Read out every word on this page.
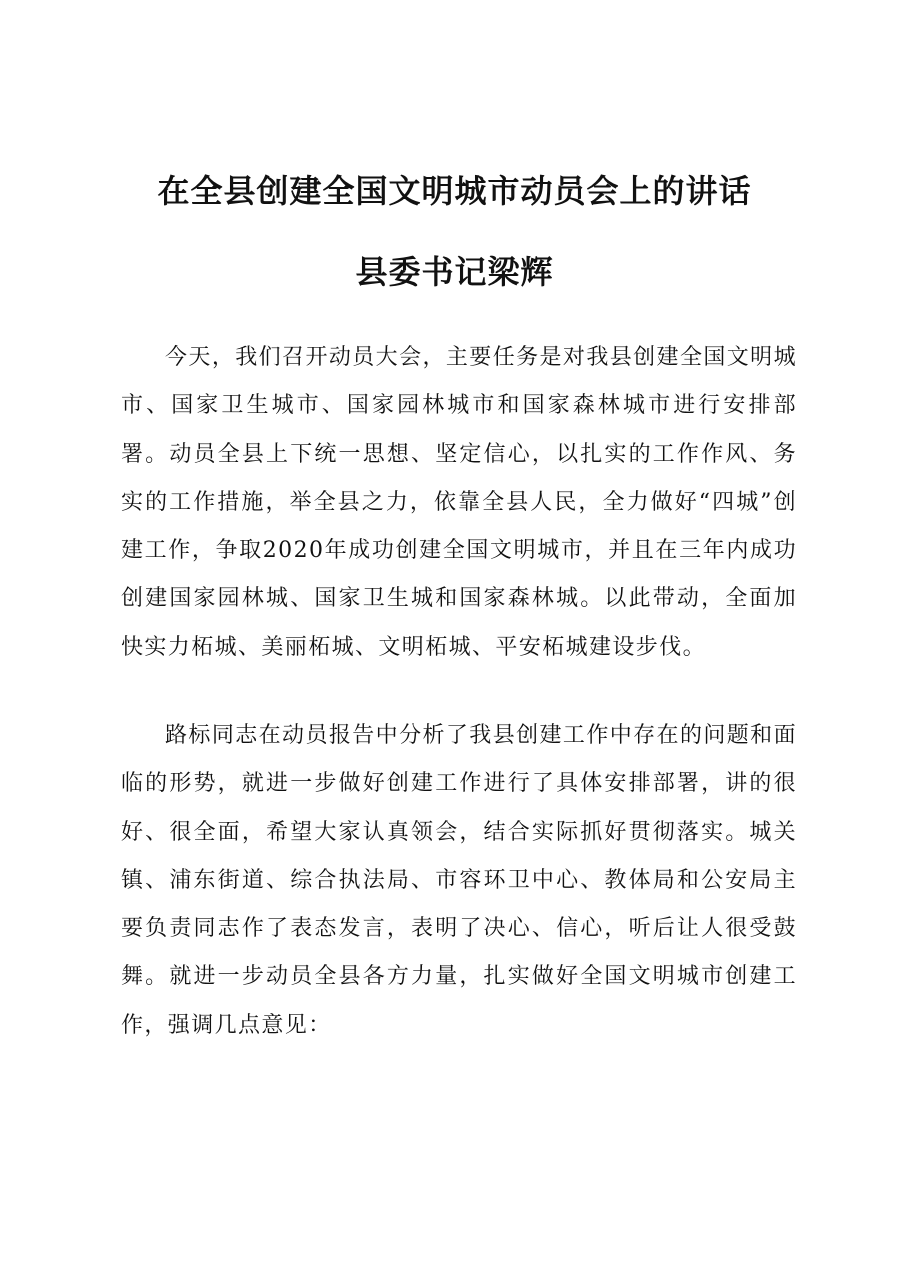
在全县创建全国文明城市动员会上的讲话
县委书记梁辉

今天，我们召开动员大会，主要任务是对我县创建全国文明城市、国家卫生城市、国家园林城市和国家森林城市进行安排部署。动员全县上下统一思想、坚定信心，以扎实的工作作风、务实的工作措施，举全县之力，依靠全县人民，全力做好“四城”创建工作，争取2020年成功创建全国文明城市，并且在三年内成功创建国家园林城、国家卫生城和国家森林城。以此带动，全面加快实力柘城、美丽柘城、文明柘城、平安柘城建设步伐。

路标同志在动员报告中分析了我县创建工作中存在的问题和面临的形势，就进一步做好创建工作进行了具体安排部署，讲的很好、很全面，希望大家认真领会，结合实际抓好贯彻落实。城关镇、浦东街道、综合执法局、市容环卫中心、教体局和公安局主要负责同志作了表态发言，表明了决心、信心，听后让人很受鼓舞。就进一步动员全县各方力量，扎实做好全国文明城市创建工作，强调几点意见：
